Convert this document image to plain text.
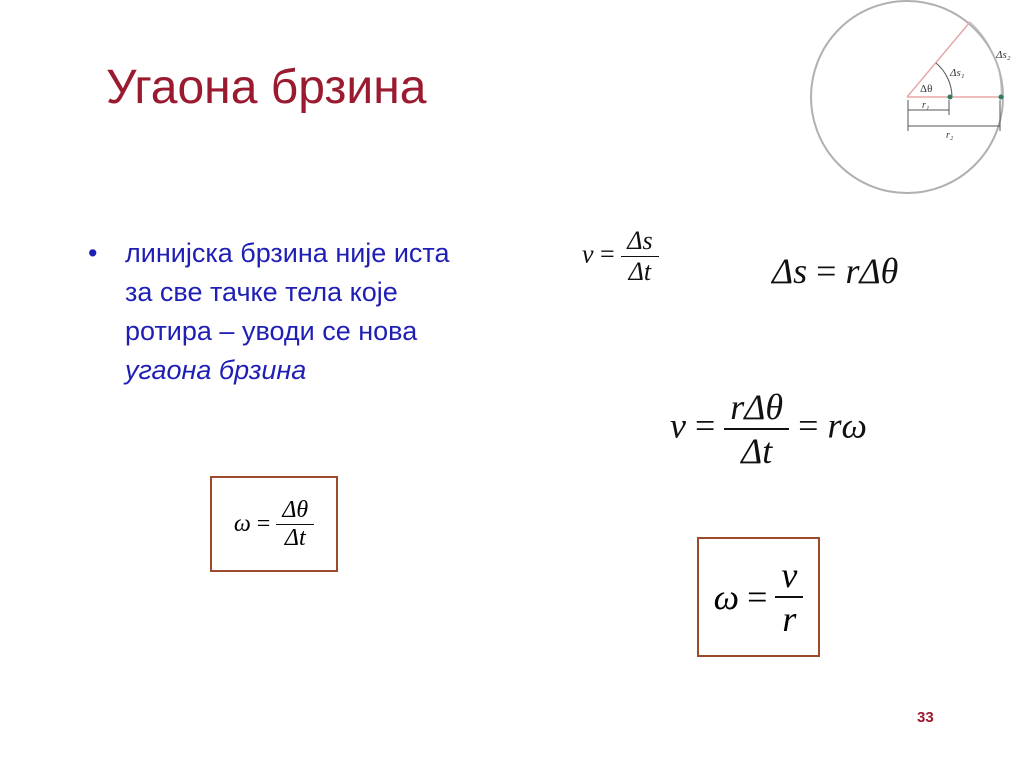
Угаона брзина
• линијска брзина није иста за све тачке тела које ротира – уводи се нова угаона брзина
$v = \frac{\Delta s}{\Delta t}$	Δs = rΔθ
$v = \frac{\text{rΔθ}}{\Delta t} = r\omega$
$\omega = \frac{\Delta\theta}{\Delta t}$
$\omega = \frac{v}{r}$
Δθ
Δs₁
Δs₂
r₁
r₂
33
